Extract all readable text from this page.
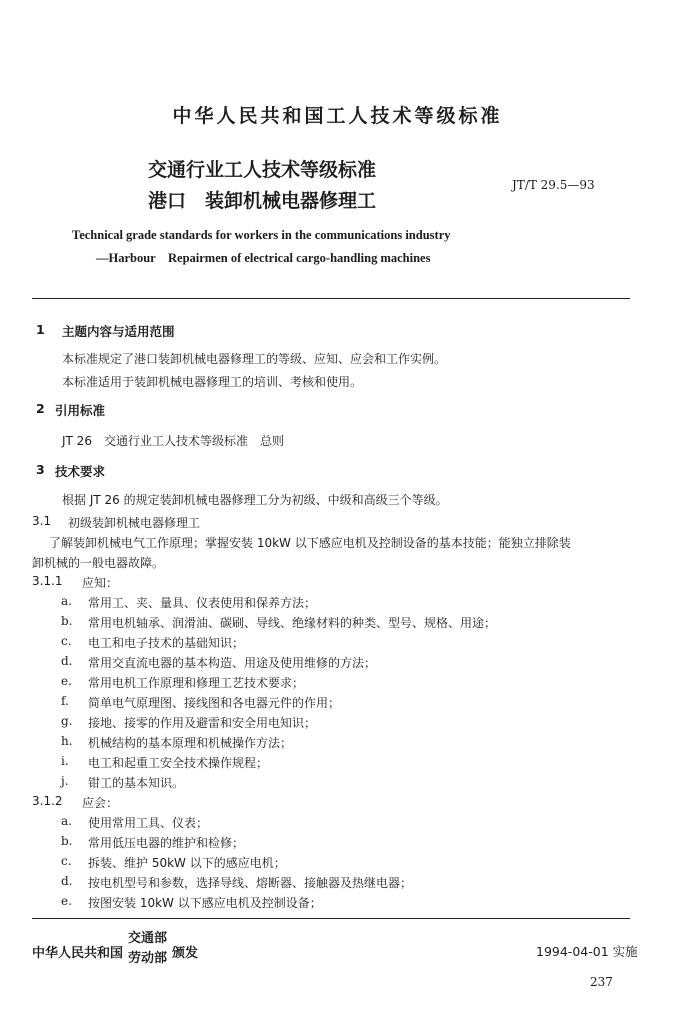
中华人民共和国工人技术等级标准
交通行业工人技术等级标准
港口　装卸机械电器修理工
JT/T 29.5—93
Technical grade standards for workers in the communications industry
—Harbour　Repairmen of electrical cargo-handling machines
1 主题内容与适用范围
本标准规定了港口装卸机械电器修理工的等级、应知、应会和工作实例。
本标准适用于装卸机械电器修理工的培训、考核和使用。
2 引用标准
JT 26　交通行业工人技术等级标准　总则
3 技术要求
根据 JT 26 的规定装卸机械电器修理工分为初级、中级和高级三个等级。
3.1 初级装卸机械电器修理工
了解装卸机械电气工作原理；掌握安装 10kW 以下感应电机及控制设备的基本技能；能独立排除装
卸机械的一般电器故障。
3.1.1 应知：
a. 常用工、夹、量具、仪表使用和保养方法；
b. 常用电机轴承、润滑油、碳刷、导线、绝缘材料的种类、型号、规格、用途；
c. 电工和电子技术的基础知识；
d. 常用交直流电器的基本构造、用途及使用维修的方法；
e. 常用电机工作原理和修理工艺技术要求；
f. 简单电气原理图、接线图和各电器元件的作用；
g. 接地、接零的作用及避雷和安全用电知识；
h. 机械结构的基本原理和机械操作方法；
i. 电工和起重工安全技术操作规程；
j. 钳工的基本知识。
3.1.2 应会：
a. 使用常用工具、仪表；
b. 常用低压电器的维护和检修；
c. 拆装、维护 50kW 以下的感应电机；
d. 按电机型号和参数，选择导线、熔断器、接触器及热继电器；
e. 按图安装 10kW 以下感应电机及控制设备；
中华人民共和国
交通部
劳动部 颁发	1994-04-01 实施
237
